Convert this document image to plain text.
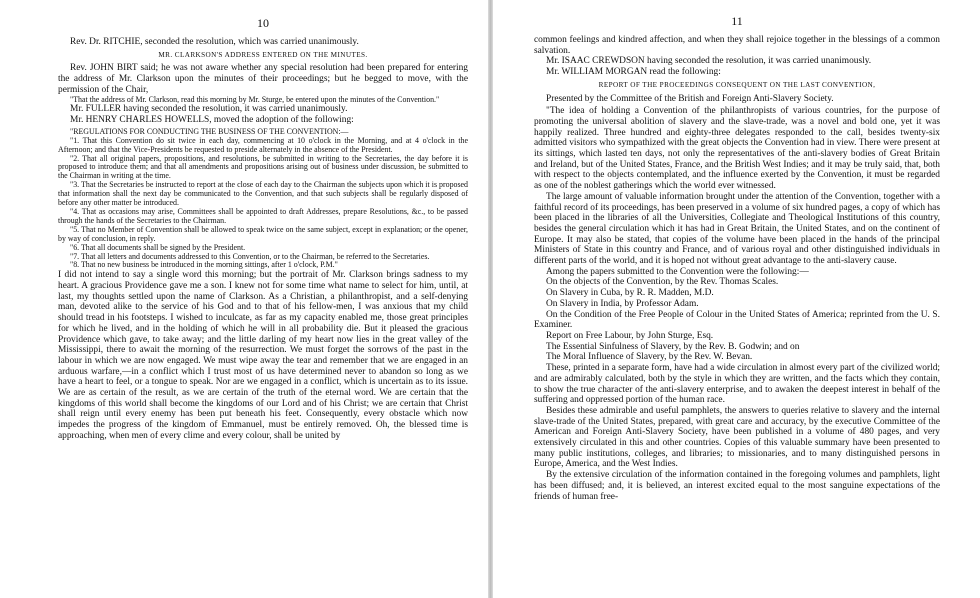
10

Rev. Dr. RITCHIE, seconded the resolution, which was carried unanimously.

MR. CLARKSON'S ADDRESS ENTERED ON THE MINUTES.

Rev. JOHN BIRT said; he was not aware whether any special resolution had been prepared for entering the address of Mr. Clarkson upon the minutes of their proceedings; but he begged to move, with the permission of the Chair,

"That the address of Mr. Clarkson, read this morning by Mr. Sturge, be entered upon the minutes of the Convention."

Mr. FULLER having seconded the resolution, it was carried unanimously.

Mr. HENRY CHARLES HOWELLS, moved the adoption of the following:

"REGULATIONS FOR CONDUCTING THE BUSINESS OF THE CONVENTION:—

"1. That this Convention do sit twice in each day, commencing at 10 o'clock in the Morning, and at 4 o'clock in the Afternoon; and that the Vice-Presidents be requested to preside alternately in the absence of the President.

"2. That all original papers, propositions, and resolutions, be submitted in writing to the Secretaries, the day before it is proposed to introduce them; and that all amendments and propositions arising out of business under discussion, be submitted to the Chairman in writing at the time.

"3. That the Secretaries be instructed to report at the close of each day to the Chairman the subjects upon which it is proposed that information shall the next day be communicated to the Convention, and that such subjects shall be regularly disposed of before any other matter be introduced.

"4. That as occasions may arise, Committees shall be appointed to draft Addresses, prepare Resolutions, &c., to be passed through the hands of the Secretaries to the Chairman.

"5. That no Member of Convention shall be allowed to speak twice on the same subject, except in explanation; or the opener, by way of conclusion, in reply.

"6. That all documents shall be signed by the President.

"7. That all letters and documents addressed to this Convention, or to the Chairman, be referred to the Secretaries.

"8. That no new business be introduced in the morning sittings, after 1 o'clock, P.M."

I did not intend to say a single word this morning; but the portrait of Mr. Clarkson brings sadness to my heart. A gracious Providence gave me a son. I knew not for some time what name to select for him, until, at last, my thoughts settled upon the name of Clarkson. As a Christian, a philanthropist, and a self-denying man, devoted alike to the service of his God and to that of his fellow-men, I was anxious that my child should tread in his footsteps. I wished to inculcate, as far as my capacity enabled me, those great principles for which he lived, and in the holding of which he will in all probability die. But it pleased the gracious Providence which gave, to take away; and the little darling of my heart now lies in the great valley of the Mississippi, there to await the morning of the resurrection. We must forget the sorrows of the past in the labour in which we are now engaged. We must wipe away the tear and remember that we are engaged in an arduous warfare,—in a conflict which I trust most of us have determined never to abandon so long as we have a heart to feel, or a tongue to speak. Nor are we engaged in a conflict, which is uncertain as to its issue. We are as certain of the result, as we are certain of the truth of the eternal word. We are certain that the kingdoms of this world shall become the kingdoms of our Lord and of his Christ; we are certain that Christ shall reign until every enemy has been put beneath his feet. Consequently, every obstacle which now impedes the progress of the kingdom of Emmanuel, must be entirely removed. Oh, the blessed time is approaching, when men of every clime and every colour, shall be united by

11

common feelings and kindred affection, and when they shall rejoice together in the blessings of a common salvation.

Mr. ISAAC CREWDSON having seconded the resolution, it was carried unanimously.

Mr. WILLIAM MORGAN read the following:

REPORT OF THE PROCEEDINGS CONSEQUENT ON THE LAST CONVENTION,

Presented by the Committee of the British and Foreign Anti-Slavery Society.

"The idea of holding a Convention of the philanthropists of various countries, for the purpose of promoting the universal abolition of slavery and the slave-trade, was a novel and bold one, yet it was happily realized. Three hundred and eighty-three delegates responded to the call, besides twenty-six admitted visitors who sympathized with the great objects the Convention had in view. There were present at its sittings, which lasted ten days, not only the representatives of the anti-slavery bodies of Great Britain and Ireland, but of the United States, France, and the British West Indies; and it may be truly said, that, both with respect to the objects contemplated, and the influence exerted by the Convention, it must be regarded as one of the noblest gatherings which the world ever witnessed.

The large amount of valuable information brought under the attention of the Convention, together with a faithful record of its proceedings, has been preserved in a volume of six hundred pages, a copy of which has been placed in the libraries of all the Universities, Collegiate and Theological Institutions of this country, besides the general circulation which it has had in Great Britain, the United States, and on the continent of Europe. It may also be stated, that copies of the volume have been placed in the hands of the principal Ministers of State in this country and France, and of various royal and other distinguished individuals in different parts of the world, and it is hoped not without great advantage to the anti-slavery cause.

Among the papers submitted to the Convention were the following:—

On the objects of the Convention, by the Rev. Thomas Scales.

On Slavery in Cuba, by R. R. Madden, M.D.

On Slavery in India, by Professor Adam.

On the Condition of the Free People of Colour in the United States of America; reprinted from the U. S. Examiner.

Report on Free Labour, by John Sturge, Esq.

The Essential Sinfulness of Slavery, by the Rev. B. Godwin; and on

The Moral Influence of Slavery, by the Rev. W. Bevan.

These, printed in a separate form, have had a wide circulation in almost every part of the civilized world; and are admirably calculated, both by the style in which they are written, and the facts which they contain, to show the true character of the anti-slavery enterprise, and to awaken the deepest interest in behalf of the suffering and oppressed portion of the human race.

Besides these admirable and useful pamphlets, the answers to queries relative to slavery and the internal slave-trade of the United States, prepared, with great care and accuracy, by the executive Committee of the American and Foreign Anti-Slavery Society, have been published in a volume of 480 pages, and very extensively circulated in this and other countries. Copies of this valuable summary have been presented to many public institutions, colleges, and libraries; to missionaries, and to many distinguished persons in Europe, America, and the West Indies.

By the extensive circulation of the information contained in the foregoing volumes and pamphlets, light has been diffused; and, it is believed, an interest excited equal to the most sanguine expectations of the friends of human free-
